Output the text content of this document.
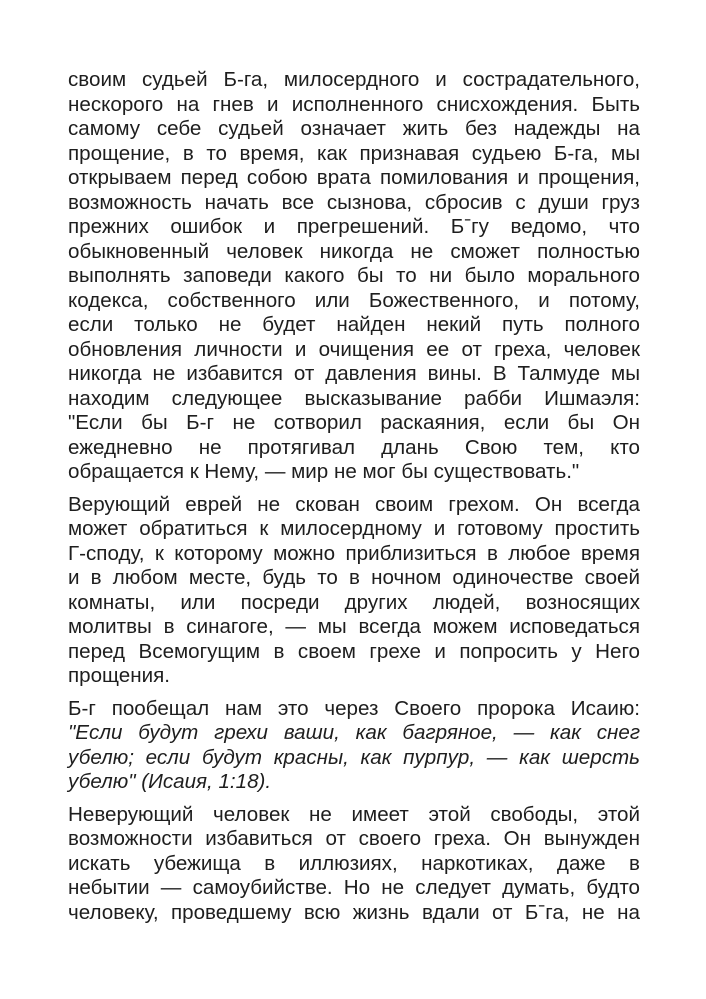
своим судьей Б-га, милосердного и сострадательного,
нескорого на гнев и исполненного снисхождения. Быть
самому себе судьей означает жить без надежды на
прощение, в то время, как признавая судьею Б-га, мы
открываем перед собою врата помилования и прощения,
возможность начать все сызнова, сбросив с души груз
прежних ошибок и прегрешений. Бˉгу ведомо, что
обыкновенный человек никогда не сможет полностью
выполнять заповеди какого бы то ни было морального
кодекса, собственного или Божественного, и потому,
если только не будет найден некий путь полного
обновления личности и очищения ее от греха, человек
никогда не избавится от давления вины. В Талмуде мы
находим следующее высказывание рабби Ишмаэля:
"Если бы Б-г не сотворил раскаяния, если бы Он
ежедневно не протягивал длань Свою тем, кто
обращается к Нему, — мир не мог бы существовать."

Верующий еврей не скован своим грехом. Он всегда
может обратиться к милосердному и готовому простить
Г-споду, к которому можно приблизиться в любое время
и в любом месте, будь то в ночном одиночестве своей
комнаты, или посреди других людей, возносящих
молитвы в синагоге, — мы всегда можем исповедаться
перед Всемогущим в своем грехе и попросить у Него
прощения.

Б-г пообещал нам это через Своего пророка Исаию:
"Если будут грехи ваши, как багряное, — как снег
убелю; если будут красны, как пурпур, — как шерсть
убелю" (Исаия, 1:18).

Неверующий человек не имеет этой свободы, этой
возможности избавиться от своего греха. Он вынужден
искать убежища в иллюзиях, наркотиках, даже в
небытии — самоубийстве. Но не следует думать, будто
человеку, проведшему всю жизнь вдали от Бˉга, не на
